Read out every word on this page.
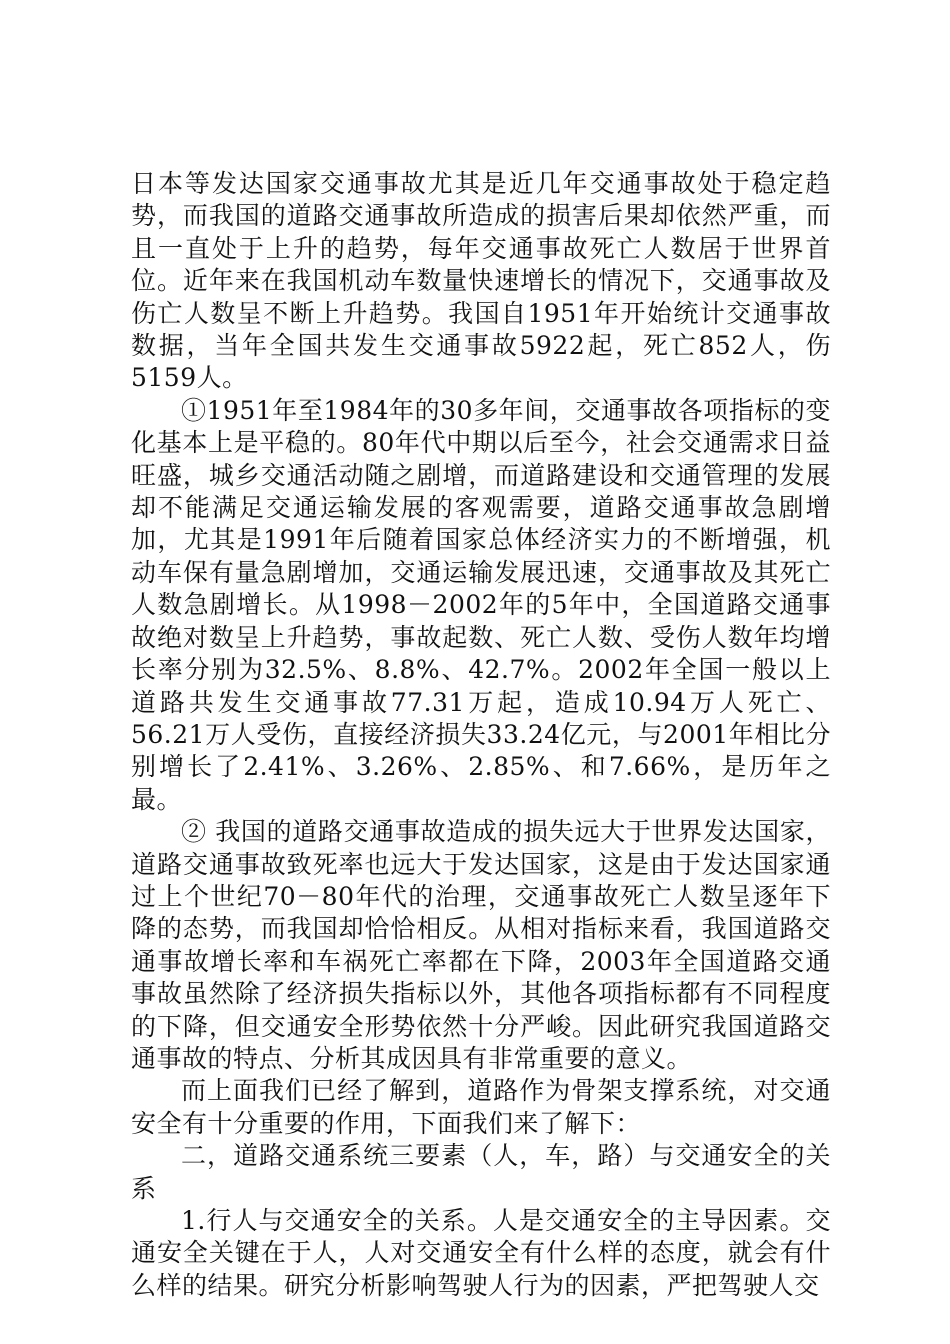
日本等发达国家交通事故尤其是近几年交通事故处于稳定趋势，而我国的道路交通事故所造成的损害后果却依然严重，而且一直处于上升的趋势，每年交通事故死亡人数居于世界首位。近年来在我国机动车数量快速增长的情况下，交通事故及伤亡人数呈不断上升趋势。我国自1951年开始统计交通事故数据，当年全国共发生交通事故5922起，死亡852人，伤5159人。

①1951年至1984年的30多年间，交通事故各项指标的变化基本上是平稳的。80年代中期以后至今，社会交通需求日益旺盛，城乡交通活动随之剧增，而道路建设和交通管理的发展却不能满足交通运输发展的客观需要，道路交通事故急剧增加，尤其是1991年后随着国家总体经济实力的不断增强，机动车保有量急剧增加，交通运输发展迅速，交通事故及其死亡人数急剧增长。从1998－2002年的5年中，全国道路交通事故绝对数呈上升趋势，事故起数、死亡人数、受伤人数年均增长率分别为32.5%、8.8%、42.7%。2002年全国一般以上道路共发生交通事故77.31万起，造成10.94万人死亡、56.21万人受伤，直接经济损失33.24亿元，与2001年相比分别增长了2.41%、3.26%、2.85%、和7.66%，是历年之最。

② 我国的道路交通事故造成的损失远大于世界发达国家，道路交通事故致死率也远大于发达国家，这是由于发达国家通过上个世纪70－80年代的治理，交通事故死亡人数呈逐年下降的态势，而我国却恰恰相反。从相对指标来看，我国道路交通事故增长率和车祸死亡率都在下降，2003年全国道路交通事故虽然除了经济损失指标以外，其他各项指标都有不同程度的下降，但交通安全形势依然十分严峻。因此研究我国道路交通事故的特点、分析其成因具有非常重要的意义。

而上面我们已经了解到，道路作为骨架支撑系统，对交通安全有十分重要的作用，下面我们来了解下：

二，道路交通系统三要素（人，车，路）与交通安全的关系

1.行人与交通安全的关系。人是交通安全的主导因素。交通安全关键在于人，人对交通安全有什么样的态度，就会有什么样的结果。研究分析影响驾驶人行为的因素，严把驾驶人交
